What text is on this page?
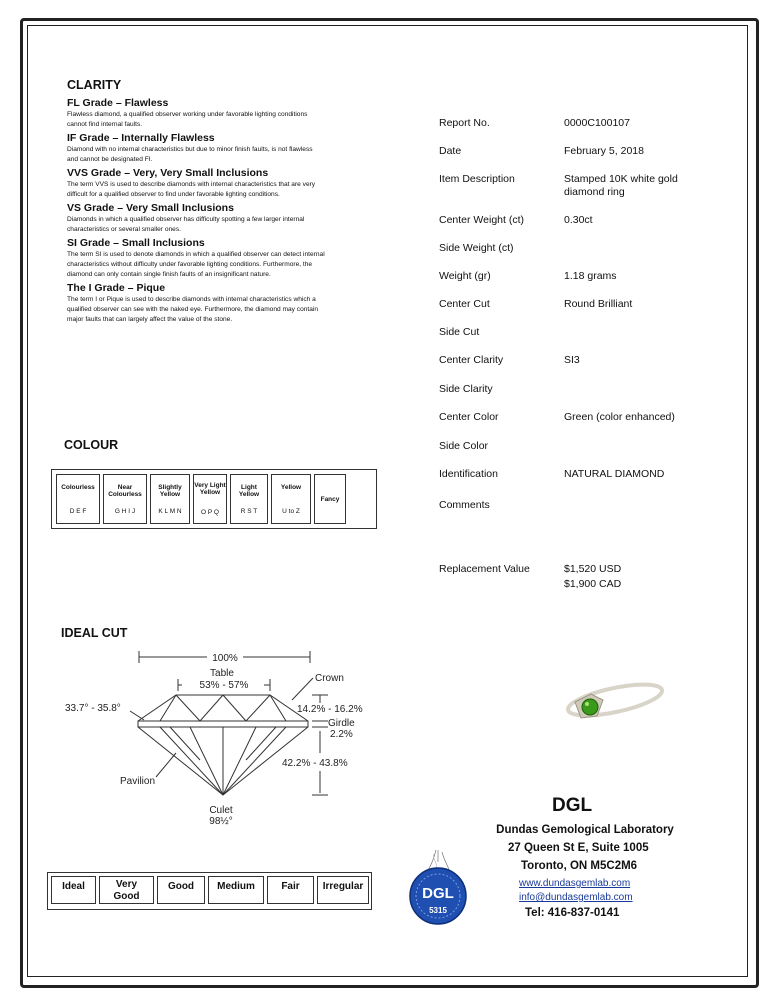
CLARITY
FL Grade – Flawless
Flawless diamond, a qualified observer working under favorable lighting conditions
cannot find internal faults.
IF Grade – Internally Flawless
Diamond with no internal characteristics but due to minor finish faults, is not flawless
and cannot be designated FI.
VVS Grade – Very, Very Small Inclusions
The term VVS is used to describe diamonds with internal characteristics that are very
difficult for a qualified observer to find under favorable lighting conditions.
VS Grade – Very Small Inclusions
Diamonds in which a qualified observer has difficulty spotting a few larger internal
characteristics or several smaller ones.
SI Grade – Small Inclusions
The term SI is used to denote diamonds in which a qualified observer can detect internal
characteristics without difficulty under favorable lighting conditions. Furthermore, the
diamond can only contain single finish faults of an insignificant nature.
The I Grade – Pique
The term I or Pique is used to describe diamonds with internal characteristics which a
qualified observer can see with the naked eye. Furthermore, the diamond may contain
major faults that can largely affect the value of the stone.
Report No.	0000C100107
Date	February 5, 2018
Item Description	Stamped 10K white gold
diamond ring
Center Weight (ct)	0.30ct
Side Weight (ct)
Weight (gr)	1.18 grams
Center Cut	Round Brilliant
Side Cut
Center Clarity	SI3
Side Clarity
Center Color	Green (color enhanced)
Side Color
Identification	NATURAL DIAMOND
Comments
Replacement Value	$1,520 USD
$1,900 CAD
COLOUR
Colourless
D E F

Near Colourless
G H I J

Slightly Yellow
K L M N

Very Light Yellow
O P Q

Light Yellow
R S T

Yellow
U to Z

Fancy
IDEAL CUT
100%
Table
53% - 57%
Crown
33.7° - 35.8°	14.2% - 16.2%
Girdle
2.2%
42.2% - 43.8%
Pavilion
Culet
98½°
Ideal	Very Good
Good	Medium	Fair	Irregular
DGL
Dundas Gemological Laboratory
27 Queen St E, Suite 1005
Toronto, ON M5C2M6
www.dundasgemlab.com
info@dundasgemlab.com
Tel: 416-837-0141
DGL
5315
